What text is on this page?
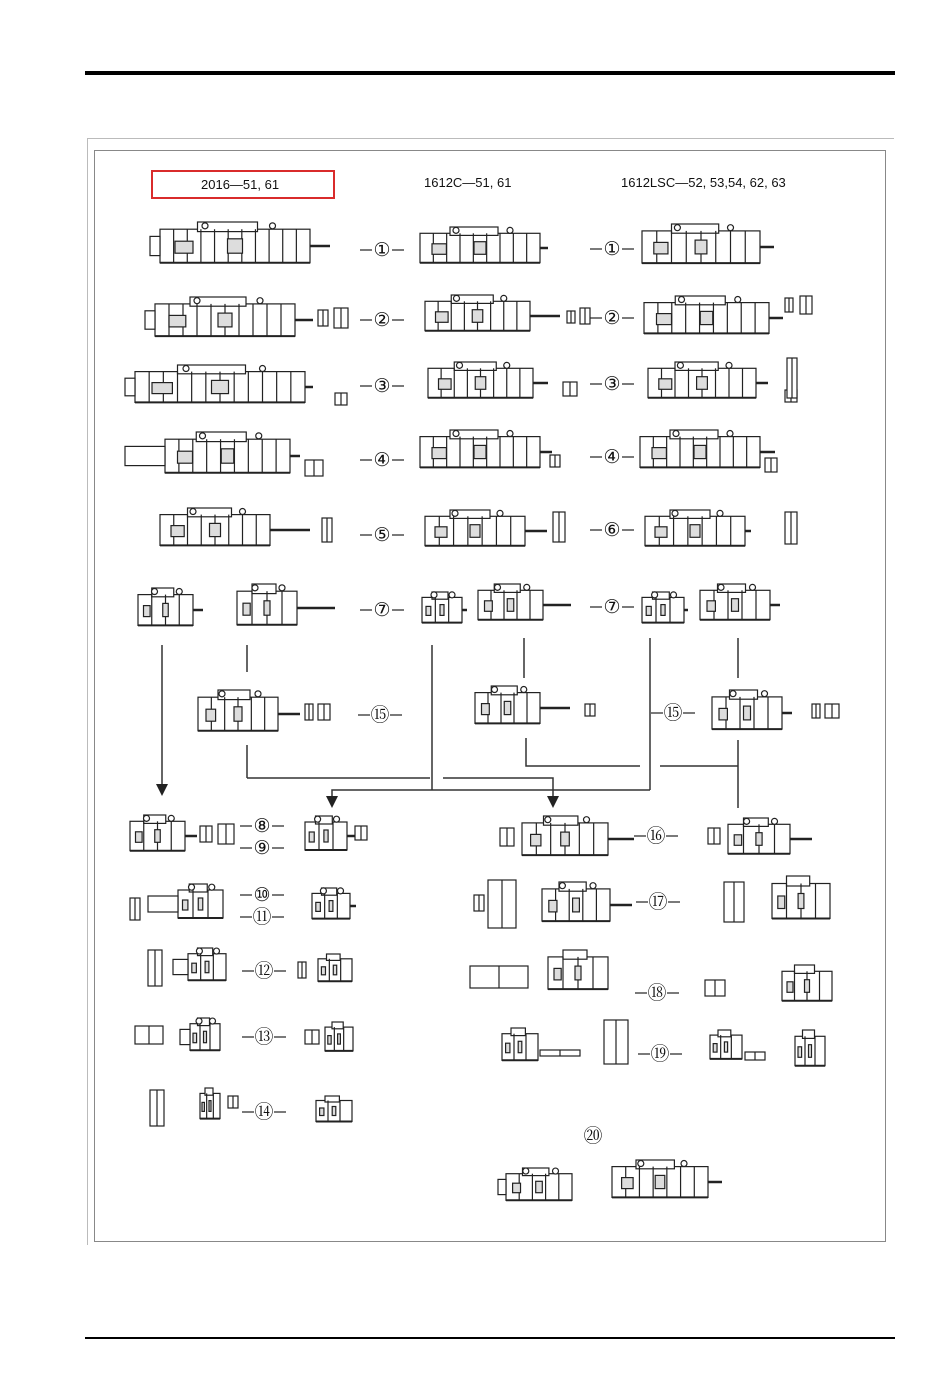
2016—51, 61	1612C—51, 61	1612LSC—52, 53,54, 62, 63
①	①
②	②
③	③
④	④
⑤	⑥
⑦	⑦
⑮	⑮
⑧
⑨
⑩
⑪
⑫
⑬
⑭
⑯
⑰
⑱
⑲
⑳
